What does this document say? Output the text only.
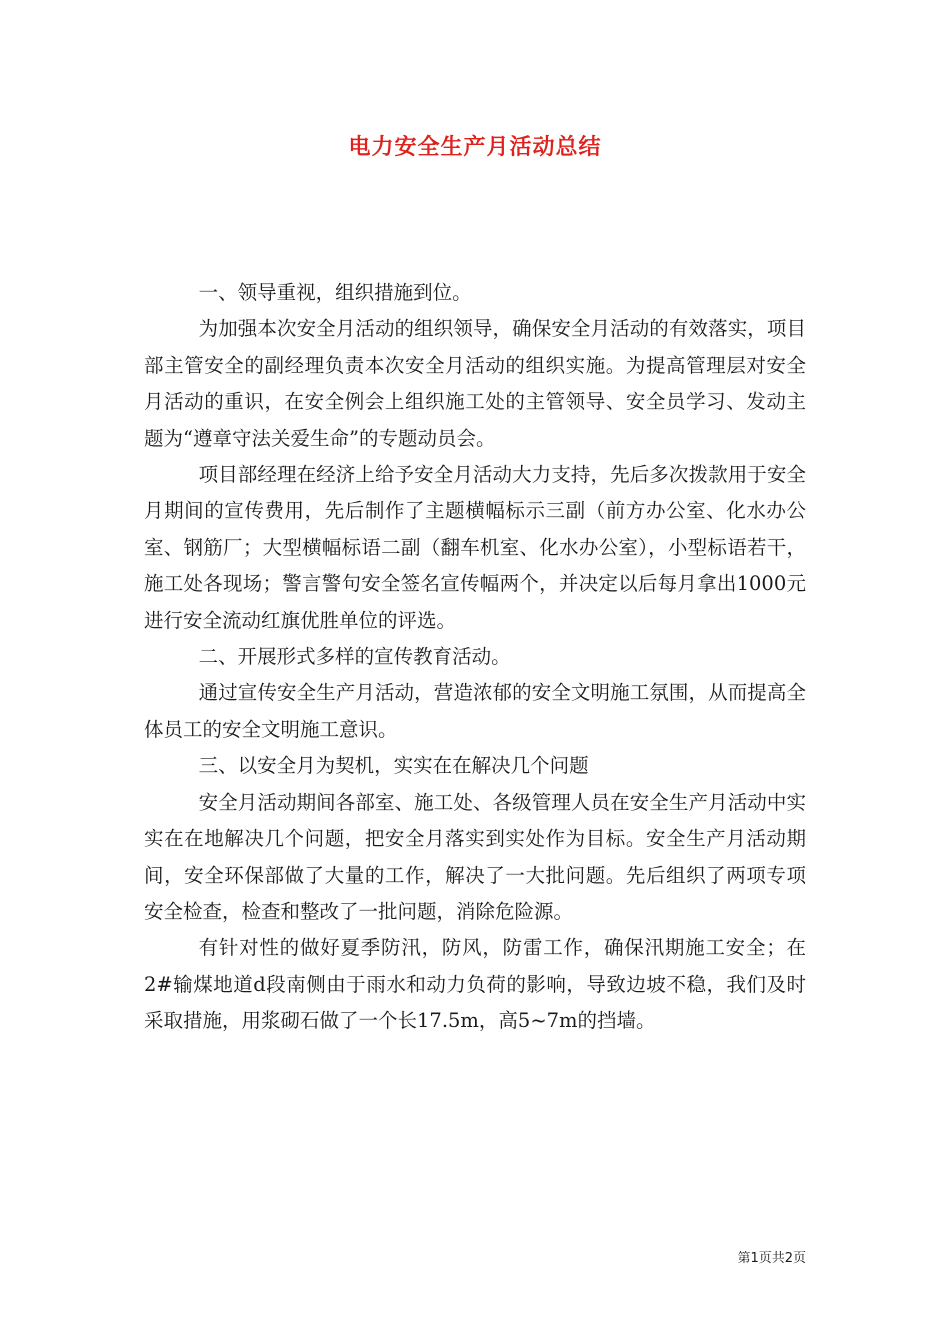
电力安全生产月活动总结

一、领导重视，组织措施到位。

为加强本次安全月活动的组织领导，确保安全月活动的有效落实，项目部主管安全的副经理负责本次安全月活动的组织实施。为提高管理层对安全月活动的重识，在安全例会上组织施工处的主管领导、安全员学习、发动主题为“遵章守法关爱生命”的专题动员会。

项目部经理在经济上给予安全月活动大力支持，先后多次拨款用于安全月期间的宣传费用，先后制作了主题横幅标示三副（前方办公室、化水办公室、钢筋厂；大型横幅标语二副（翻车机室、化水办公室），小型标语若干，施工处各现场；警言警句安全签名宣传幅两个，并决定以后每月拿出1000元进行安全流动红旗优胜单位的评选。

二、开展形式多样的宣传教育活动。

通过宣传安全生产月活动，营造浓郁的安全文明施工氛围，从而提高全体员工的安全文明施工意识。

三、以安全月为契机，实实在在解决几个问题

安全月活动期间各部室、施工处、各级管理人员在安全生产月活动中实实在在地解决几个问题，把安全月落实到实处作为目标。安全生产月活动期间，安全环保部做了大量的工作，解决了一大批问题。先后组织了两项专项安全检查，检查和整改了一批问题，消除危险源。

有针对性的做好夏季防汛，防风，防雷工作，确保汛期施工安全；在2#输煤地道d段南侧由于雨水和动力负荷的影响，导致边坡不稳，我们及时采取措施，用浆砌石做了一个长17.5m，高5~7m的挡墙。

第1页共2页
